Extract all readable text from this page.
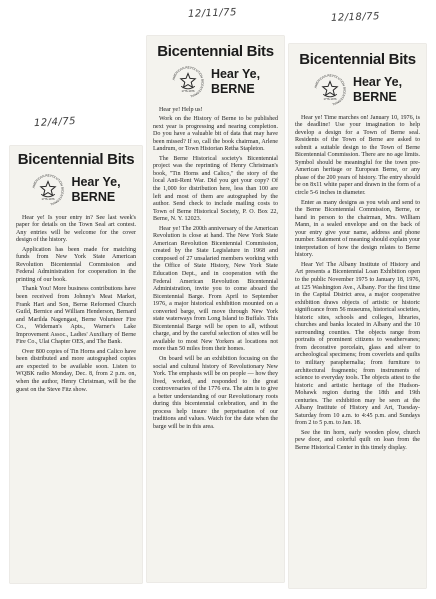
12/4/75
12/11/75	12/18/75
Bicentennial Bits
AMERICAN REVOLUTION BICENTENNIAL
1776-1976
Hear Ye,
BERNE

Hear ye! Is your entry in? See last week's paper for details on the Town Seal art contest. Any entries will be welcome for the cover design of the history.

Application has been made for matching funds from New York State American Revolution Bicentennial Commission and Federal Administration for cooperation in the printing of our book.

Thank You! More business contributions have been received from Johnny's Meat Market, Frank Hart and Son, Berne Reformed Church Guild, Bernice and William Henderson, Bernard and Marilda Nagengast, Berne Volunteer Fire Co., Wideman's Apts., Warner's Lake Improvement Assoc., Ladies' Auxiliary of Berne Fire Co., Ulai Chapter OES, and The Bank.

Over 800 copies of Tin Horns and Calico have been distributed and more autographed copies are expected to be available soon. Listen to WQBK radio Monday, Dec. 8, from 2 p.m. on, when the author, Henry Christman, will be the guest on the Steve Fitz show.

Bicentennial Bits
AMERICAN REVOLUTION BICENTENNIAL
1776-1976
Hear Ye,
BERNE

Hear ye! Help us!

Work on the History of Berne to be published next year is progressing and nearing completion. Do you have a valuable bit of data that may have been missed? If so, call the book chairman, Arlene Landrum, or Town Historian Retha Stapleton.

The Berne Historical society's Bicentennial project was the reprinting of Henry Christman's book, "Tin Horns and Calico," the story of the local Anti-Rent War. Did you get your copy? Of the 1,000 for distribution here, less than 100 are left and most of them are autographed by the author. Send check to include mailing costs to Town of Berne Historical Society, P. O. Box 22, Berne, N. Y. 12023.

Hear ye! The 200th anniversary of the American Revolution is close at hand. The New York State American Revolution Bicentennial Commission, created by the State Legislature in 1968 and composed of 27 unsalaried members working with the Office of State History, New York State Education Dept., and in cooperation with the Federal American Revolution Bicentennial Administration, invite you to come aboard the Bicentennial Barge. From April to September 1976, a major historical exhibition mounted on a converted barge, will move through New York state waterways from Long Island to Buffalo. This Bicentennial Barge will be open to all, without charge, and by the careful selection of sites will be available to most New Yorkers at locations not more than 50 miles from their homes.

On board will be an exhibition focusing on the social and cultural history of Revolutionary New York. The emphasis will be on people — how they lived, worked, and responded to the great controversaries of the 1776 era. The aim is to give a better understanding of our Revolutionary roots during this bicentennial celebration, and in the process help insure the perpetuation of our traditions and values. Watch for the date when the barge will be in this area.

Bicentennial Bits
AMERICAN REVOLUTION BICENTENNIAL
1776-1976
Hear Ye,
BERNE

Hear ye! Time marches on! January 10, 1976, is the deadline! Use your imagination to help develop a design for a Town of Berne seal. Residents of the Town of Berne are asked to submit a suitable design to the Town of Berne Bicentennial Commission. There are no age limits. Symbol should be meaningful for the town pre-American heritage or European Berne, or any phase of the 200 years of history. The entry should be on 8x11 white paper and drawn in the form of a circle 5-6 inches in diameter.

Enter as many designs as you wish and send to the Berne Bicentennial Commission, Berne, or hand in person to the chairman, Mrs. William Mann, in a sealed envelope and on the back of your entry give your name, address and phone number. Statement of meaning should explain your interpretation of how the design relates to Berne history.

Hear Ye! The Albany Institute of History and Art presents a Bicentennial Loan Exhibition open to the public November 1975 to January 18, 1976, at 125 Washington Ave., Albany. For the first time in the Capital District area, a major cooperative exhibition draws objects of artistic or historic significance from 56 museums, historical societies, historic sites, schools and colleges, libraries, churches and banks located in Albany and the 10 surrounding counties. The objects range from portraits of prominent citizens to weathervanes; from decorative porcelain, glass and silver to archeological specimens; from coverlets and quilts to military paraphernalia; from furniture to architectural fragments; from instruments of science to everyday tools. The objects attest to the historic and artistic heritage of the Hudson-Mohawk region during the 18th and 19th centuries. The exhibition may be seen at the Albany Institute of History and Art, Tuesday-Saturday from 10 a.m. to 4:45 p.m. and Sundays from 2 to 5 p.m. to Jan. 18.

See the tin horn, early wooden plow, church pew door, and colorful quilt on loan from the Berne Historical Center in this timely display.
